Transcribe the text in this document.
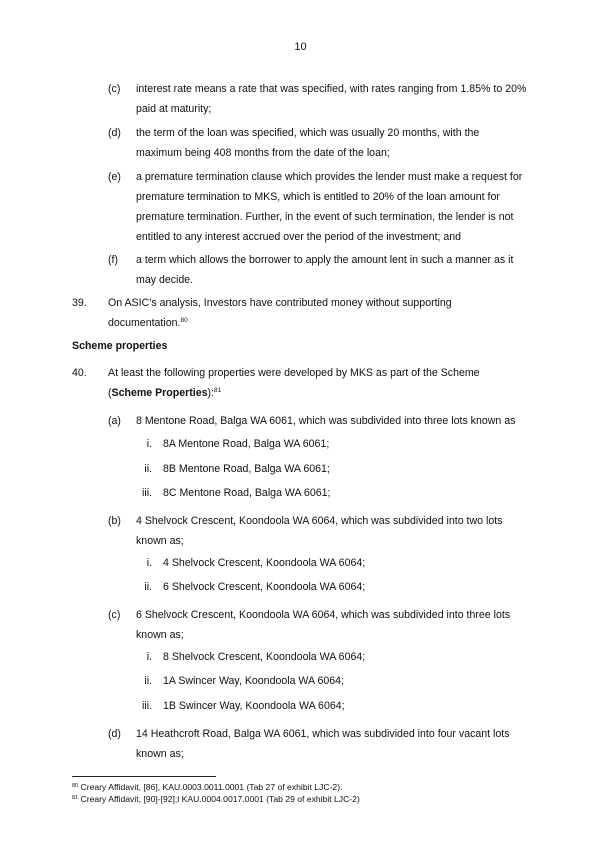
10
(c) interest rate means a rate that was specified, with rates ranging from 1.85% to 20% paid at maturity;
(d) the term of the loan was specified, which was usually 20 months, with the maximum being 408 months from the date of the loan;
(e) a premature termination clause which provides the lender must make a request for premature termination to MKS, which is entitled to 20% of the loan amount for premature termination. Further, in the event of such termination, the lender is not entitled to any interest accrued over the period of the investment; and
(f) a term which allows the borrower to apply the amount lent in such a manner as it may decide.
39. On ASIC’s analysis, Investors have contributed money without supporting documentation.$^{80}$
Scheme properties
40. At least the following properties were developed by MKS as part of the Scheme (Scheme Properties):$^{81}$
(a) 8 Mentone Road, Balga WA 6061, which was subdivided into three lots known as
i. 8A Mentone Road, Balga WA 6061;
ii. 8B Mentone Road, Balga WA 6061;
iii. 8C Mentone Road, Balga WA 6061;
(b) 4 Shelvock Crescent, Koondoola WA 6064, which was subdivided into two lots known as;
i. 4 Shelvock Crescent, Koondoola WA 6064;
ii. 6 Shelvock Crescent, Koondoola WA 6064;
(c) 6 Shelvock Crescent, Koondoola WA 6064, which was subdivided into three lots known as;
i. 8 Shelvock Crescent, Koondoola WA 6064;
ii. 1A Swincer Way, Koondoola WA 6064;
iii. 1B Swincer Way, Koondoola WA 6064;
(d) 14 Heathcroft Road, Balga WA 6061, which was subdivided into four vacant lots known as;
$^{80}$ Creary Affidavit, [86], KAU.0003.0011.0001 (Tab 27 of exhibit LJC-2).
$^{81}$ Creary Affidavit, [90]-[92];l KAU.0004.0017.0001 (Tab 29 of exhibit LJC-2)
